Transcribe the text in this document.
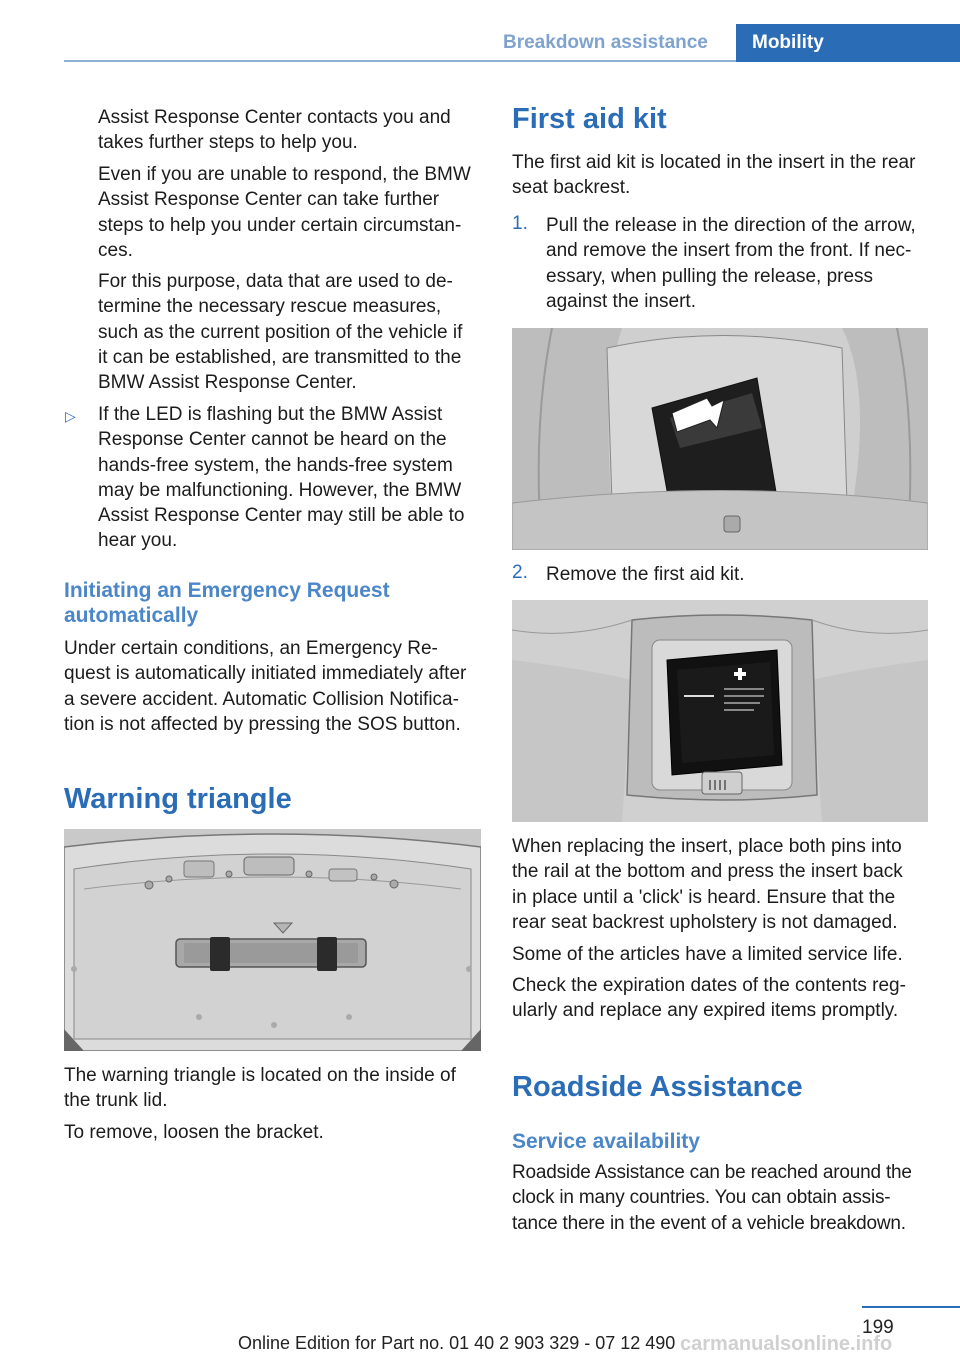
Breakdown assistance	Mobility

Assist Response Center contacts you and
takes further steps to help you.

Even if you are unable to respond, the BMW
Assist Response Center can take further
steps to help you under certain circumstan‐
ces.

For this purpose, data that are used to de‐
termine the necessary rescue measures,
such as the current position of the vehicle if
it can be established, are transmitted to the
BMW Assist Response Center.

▷ If the LED is flashing but the BMW Assist
Response Center cannot be heard on the
hands-free system, the hands-free system
may be malfunctioning. However, the BMW
Assist Response Center may still be able to
hear you.

Initiating an Emergency Request
automatically

Under certain conditions, an Emergency Re‐
quest is automatically initiated immediately after
a severe accident. Automatic Collision Notifica‐
tion is not affected by pressing the SOS button.

Warning triangle

The warning triangle is located on the inside of
the trunk lid.

To remove, loosen the bracket.

First aid kit

The first aid kit is located in the insert in the rear
seat backrest.

1. Pull the release in the direction of the arrow,
and remove the insert from the front. If nec‐
essary, when pulling the release, press
against the insert.

2. Remove the first aid kit.

When replacing the insert, place both pins into
the rail at the bottom and press the insert back
in place until a 'click' is heard. Ensure that the
rear seat backrest upholstery is not damaged.

Some of the articles have a limited service life.

Check the expiration dates of the contents reg‐
ularly and replace any expired items promptly.

Roadside Assistance
Service availability

Roadside Assistance can be reached around the
clock in many countries. You can obtain assis‐
tance there in the event of a vehicle breakdown.

199
Online Edition for Part no. 01 40 2 903 329 - 07 12 490 carmanualsonline.info
